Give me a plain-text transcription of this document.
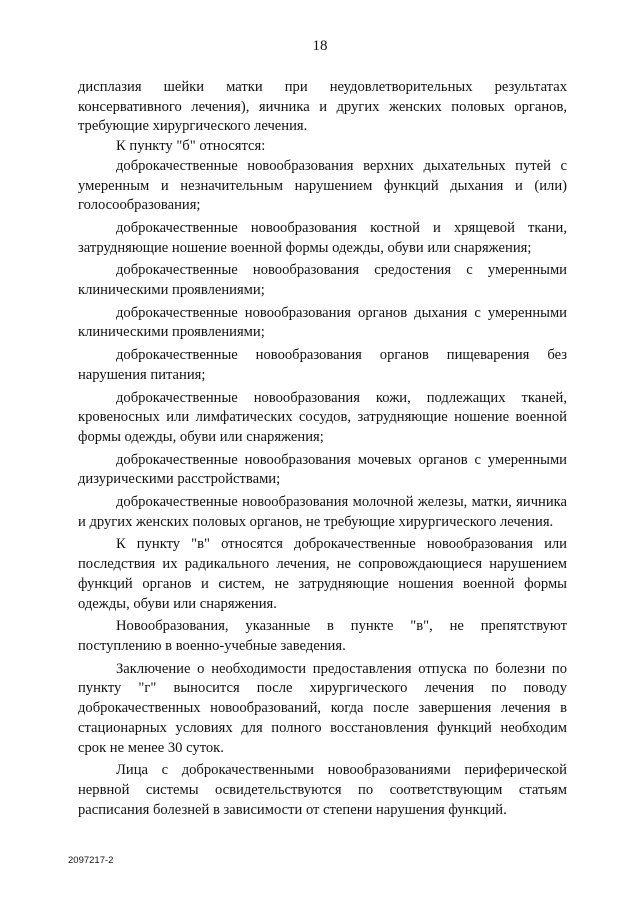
18

дисплазия шейки матки при неудовлетворительных результатах консервативного лечения), яичника и других женских половых органов, требующие хирургического лечения.

К пункту "б" относятся:

доброкачественные новообразования верхних дыхательных путей с умеренным и незначительным нарушением функций дыхания и (или) голосообразования;

доброкачественные новообразования костной и хрящевой ткани, затрудняющие ношение военной формы одежды, обуви или снаряжения;

доброкачественные новообразования средостения с умеренными клиническими проявлениями;

доброкачественные новообразования органов дыхания с умеренными клиническими проявлениями;

доброкачественные новообразования органов пищеварения без нарушения питания;

доброкачественные новообразования кожи, подлежащих тканей, кровеносных или лимфатических сосудов, затрудняющие ношение военной формы одежды, обуви или снаряжения;

доброкачественные новообразования мочевых органов с умеренными дизурическими расстройствами;

доброкачественные новообразования молочной железы, матки, яичника и других женских половых органов, не требующие хирургического лечения.

К пункту "в" относятся доброкачественные новообразования или последствия их радикального лечения, не сопровождающиеся нарушением функций органов и систем, не затрудняющие ношения военной формы одежды, обуви или снаряжения.

Новообразования, указанные в пункте "в", не препятствуют поступлению в военно-учебные заведения.

Заключение о необходимости предоставления отпуска по болезни по пункту "г" выносится после хирургического лечения по поводу доброкачественных новообразований, когда после завершения лечения в стационарных условиях для полного восстановления функций необходим срок не менее 30 суток.

Лица с доброкачественными новообразованиями периферической нервной системы освидетельствуются по соответствующим статьям расписания болезней в зависимости от степени нарушения функций.

2097217-2
